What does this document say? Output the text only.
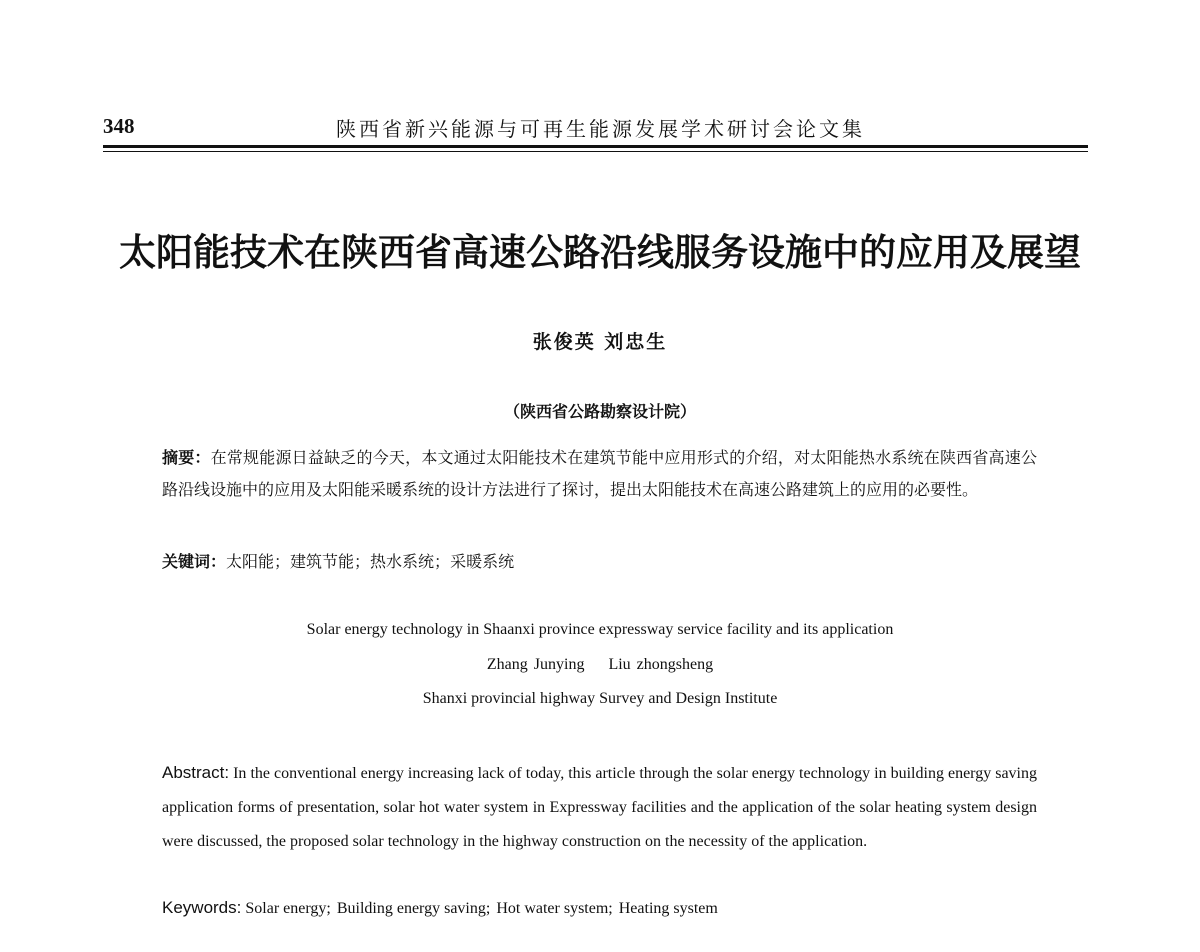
348	陕西省新兴能源与可再生能源发展学术研讨会论文集
太阳能技术在陕西省高速公路沿线服务设施中的应用及展望
张俊英 刘忠生
（陕西省公路勘察设计院）
摘要：在常规能源日益缺乏的今天，本文通过太阳能技术在建筑节能中应用形式的介绍，对太阳能热水系统在陕西省高速公路沿线设施中的应用及太阳能采暖系统的设计方法进行了探讨，提出太阳能技术在高速公路建筑上的应用的必要性。
关键词：太阳能；建筑节能；热水系统；采暖系统
Solar energy technology in Shaanxi province expressway service facility and its application
Zhang Junying    Liu zhongsheng
Shanxi provincial highway Survey and Design Institute
Abstract: In the conventional energy increasing lack of today, this article through the solar energy technology in building energy saving application forms of presentation, solar hot water system in Expressway facilities and the application of the solar heating system design were discussed, the proposed solar technology in the highway construction on the necessity of the application.
Keywords: Solar energy; Building energy saving; Hot water system; Heating system
